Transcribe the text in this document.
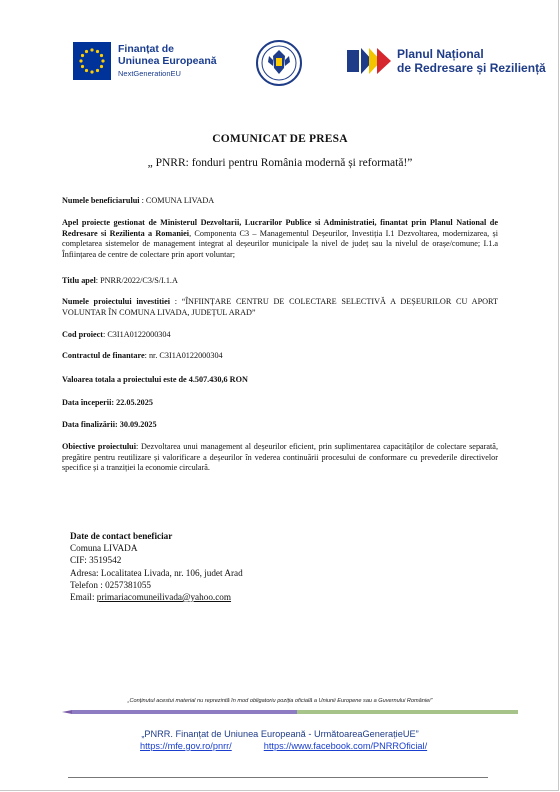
Finanțat de
Uniunea Europeană
NextGenerationEU
Planul Național
de Redresare și Reziliență
COMUNICAT DE PRESA
„ PNRR: fonduri pentru România modernă și reformată!”
Numele beneficiarului : COMUNA LIVADA
Apel proiecte gestionat de Ministerul Dezvoltarii, Lucrarilor Publice si Administratiei, finantat prin Planul National de Redresare si Rezilienta a Romaniei, Componenta C3 – Managementul Deșeurilor, Investiția I.1 Dezvoltarea, modernizarea, și completarea sistemelor de management integrat al deșeurilor municipale la nivel de județ sau la nivelul de orașe/comune; I.1.a Înființarea de centre de colectare prin aport voluntar;
Titlu apel: PNRR/2022/C3/S/I.1.A
Numele proiectului investitiei : “ÎNFIINȚARE CENTRU DE COLECTARE SELECTIVĂ A DEȘEURILOR CU APORT VOLUNTAR ÎN COMUNA LIVADA, JUDEȚUL ARAD”
Cod proiect: C3I1A0122000304
Contractul de finantare: nr. C3I1A0122000304
Valoarea totala a proiectului este de 4.507.430,6 RON
Data începerii: 22.05.2025
Data finalizării: 30.09.2025
Obiective proiectului: Dezvoltarea unui management al deșeurilor eficient, prin suplimentarea capacităților de colectare separată, pregătire pentru reutilizare și valorificare a deșeurilor în vederea continuării procesului de conformare cu prevederile directivelor specifice și a tranziției la economie circulară.
Date de contact beneficiar
Comuna LIVADA
CIF: 3519542
Adresa: Localitatea Livada, nr. 106, judet Arad
Telefon : 0257381055
Email: primariacomuneilivada@yahoo.com
„Conținutul acestui material nu reprezintă în mod obligatoriu poziția oficială a Uniunii Europene sau a Guvernului României”
„PNRR. Finanțat de Uniunea Europeană - UrmătoareaGenerațieUE”
https://mfe.gov.ro/pnrr/	https://www.facebook.com/PNRROficial/
